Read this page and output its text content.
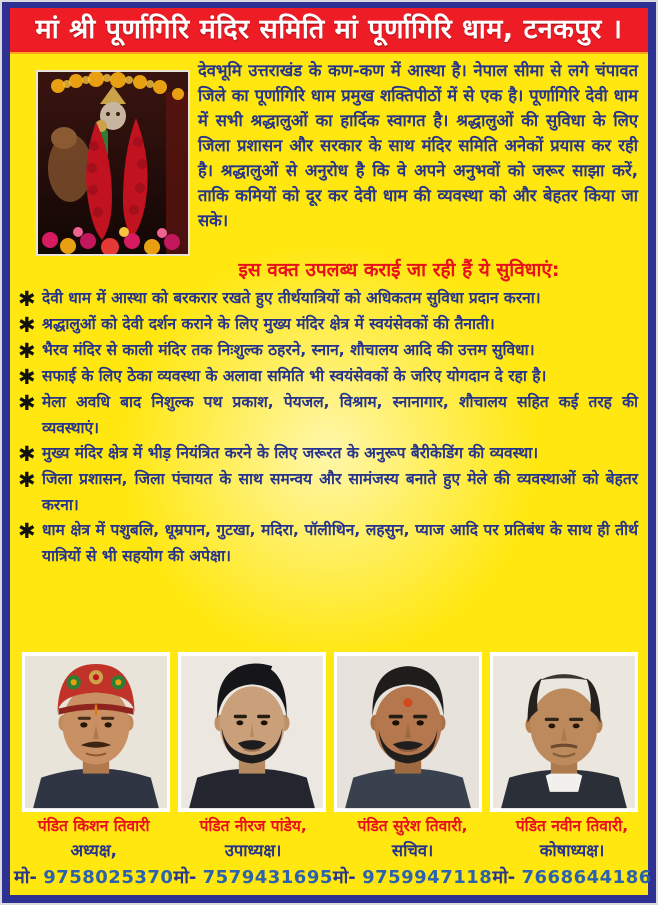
मां श्री पूर्णागिरि मंदिर समिति मां पूर्णागिरि धाम, टनकपुर ।
देवभूमि उत्तराखंड के कण-कण में आस्था है। नेपाल सीमा से लगे चंपावत जिले का पूर्णागिरि धाम प्रमुख शक्तिपीठों में से एक है। पूर्णागिरि देवी धाम में सभी श्रद्धालुओं का हार्दिक स्वागत है। श्रद्धालुओं की सुविधा के लिए जिला प्रशासन और सरकार के साथ मंदिर समिति अनेकों प्रयास कर रही है। श्रद्धालुओं से अनुरोध है कि वे अपने अनुभवों को जरूर साझा करें, ताकि कमियों को दूर कर देवी धाम की व्यवस्था को और बेहतर किया जा सके।
इस वक्त उपलब्ध कराई जा रही हैं ये सुविधाएं:
✱ देवी धाम में आस्था को बरकरार रखते हुए तीर्थयात्रियों को अधिकतम सुविधा प्रदान करना।
✱ श्रद्धालुओं को देवी दर्शन कराने के लिए मुख्य मंदिर क्षेत्र में स्वयंसेवकों की तैनाती।
✱ भैरव मंदिर से काली मंदिर तक निःशुल्क ठहरने, स्नान, शौचालय आदि की उत्तम सुविधा।
✱ सफाई के लिए ठेका व्यवस्था के अलावा समिति भी स्वयंसेवकों के जरिए योगदान दे रहा है।
✱ मेला अवधि बाद निशुल्क पथ प्रकाश, पेयजल, विश्राम, स्नानागार, शौचालय सहित कई तरह की व्यवस्थाएं।
✱ मुख्य मंदिर क्षेत्र में भीड़ नियंत्रित करने के लिए जरूरत के अनुरूप बैरीकेडिंग की व्यवस्था।
✱ जिला प्रशासन, जिला पंचायत के साथ समन्वय और सामंजस्य बनाते हुए मेले की व्यवस्थाओं को बेहतर करना।
✱ धाम क्षेत्र में पशुबलि, धूम्रपान, गुटखा, मदिरा, पॉलीथिन, लहसुन, प्याज आदि पर प्रतिबंध के साथ ही तीर्थ यात्रियों से भी सहयोग की अपेक्षा।
पंडित किशन तिवारी
अध्यक्ष,
मो- 9758025370
पंडित नीरज पांडेय,
उपाध्यक्ष।
मो- 7579431695
पंडित सुरेश तिवारी,
सचिव।
मो- 9759947118
पंडित नवीन तिवारी,
कोषाध्यक्ष।
मो- 7668644186
